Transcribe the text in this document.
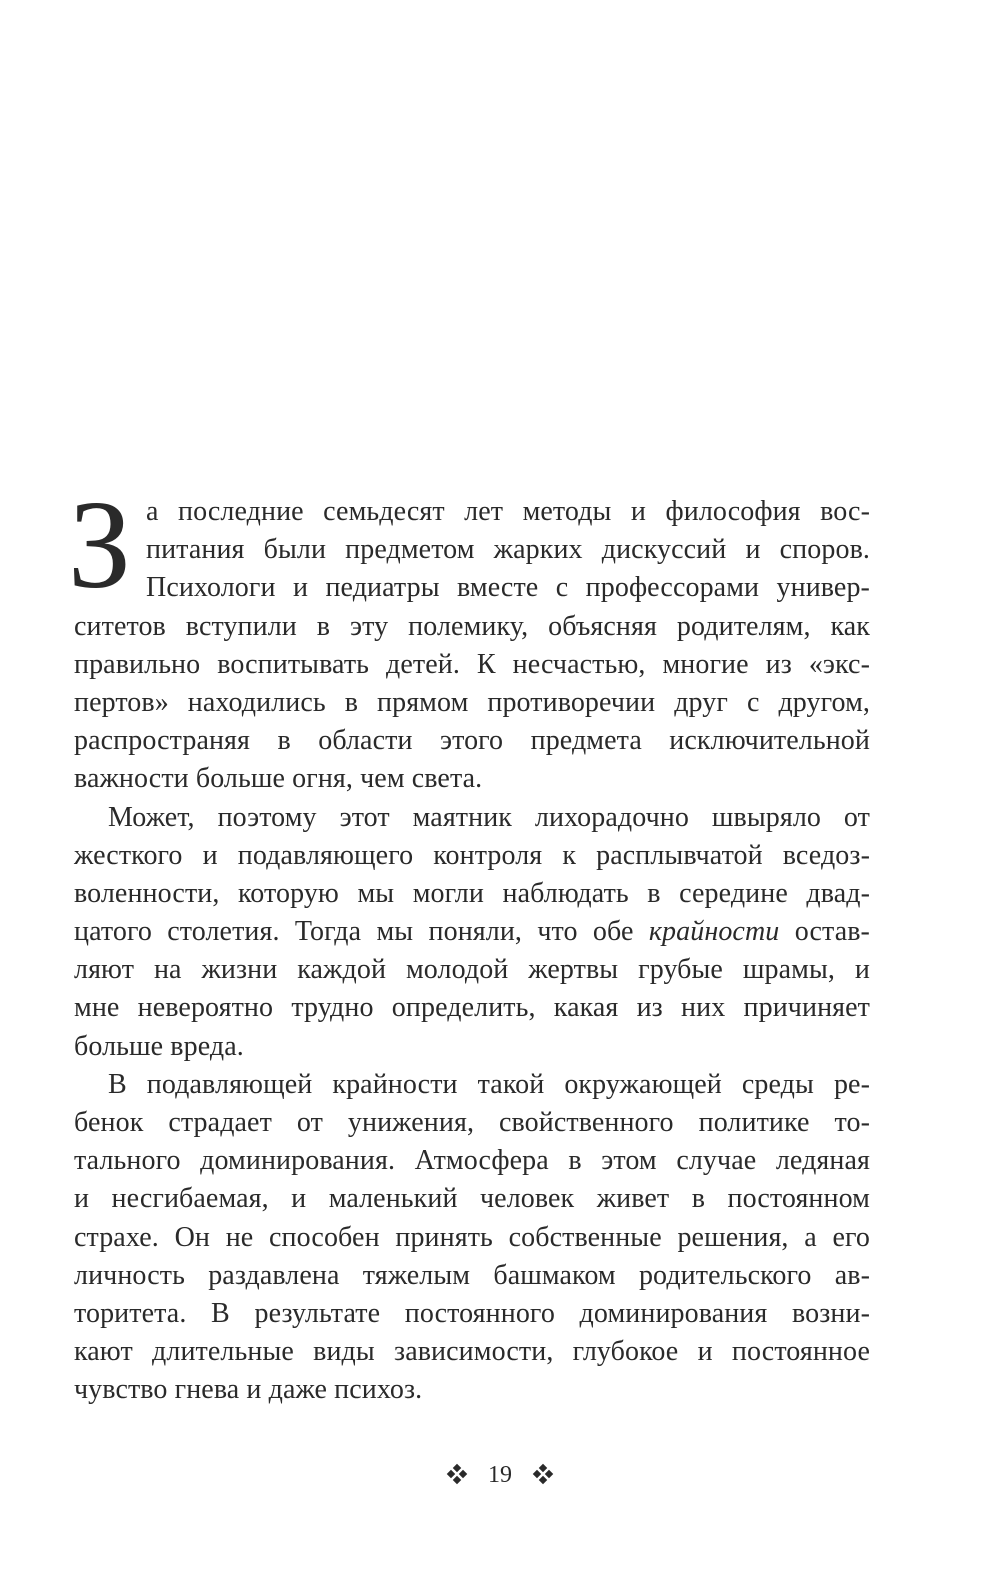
З а последние семьдесят лет методы и философия вос-
питания были предметом жарких дискуссий и споров.
Психологи и педиатры вместе с профессорами универ-
ситетов вступили в эту полемику, объясняя родителям, как
правильно воспитывать детей. К несчастью, многие из «экс-
пертов» находились в прямом противоречии друг с другом,
распространяя в области этого предмета исключительной
важности больше огня, чем света.
Может, поэтому этот маятник лихорадочно швыряло от
жесткого и подавляющего контроля к расплывчатой вседоз-
воленности, которую мы могли наблюдать в середине двад-
цатого столетия. Тогда мы поняли, что обе крайности остав-
ляют на жизни каждой молодой жертвы грубые шрамы, и
мне невероятно трудно определить, какая из них причиняет
больше вреда.
В подавляющей крайности такой окружающей среды ре-
бенок страдает от унижения, свойственного политике то-
тального доминирования. Атмосфера в этом случае ледяная
и несгибаемая, и маленький человек живет в постоянном
страхе. Он не способен принять собственные решения, а его
личность раздавлена тяжелым башмаком родительского ав-
торитета. В результате постоянного доминирования возни-
кают длительные виды зависимости, глубокое и постоянное
чувство гнева и даже психоз.
19
